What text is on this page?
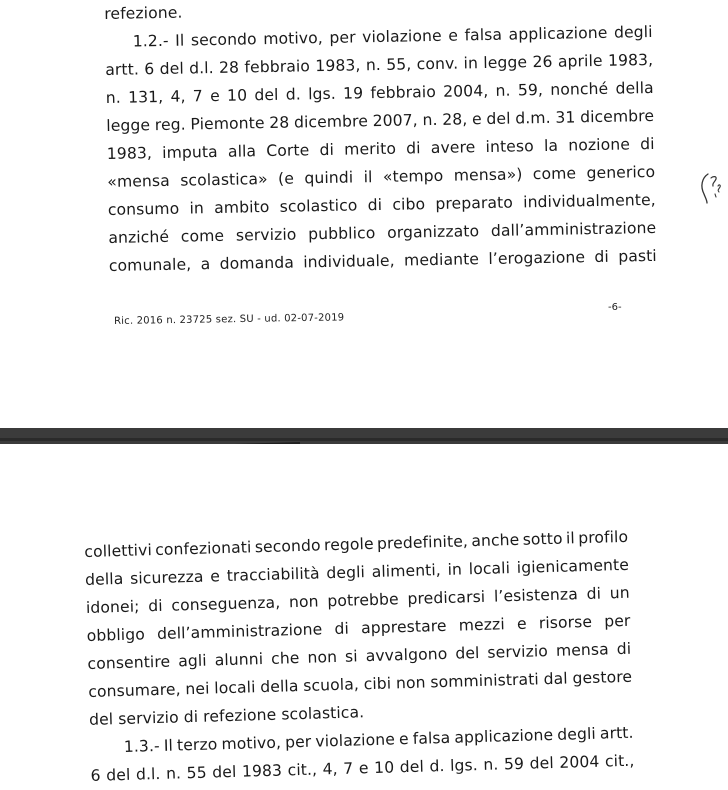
refezione.
1.2.- Il secondo motivo, per violazione e falsa applicazione degli
artt. 6 del d.l. 28 febbraio 1983, n. 55, conv. in legge 26 aprile 1983,
n. 131, 4, 7 e 10 del d. lgs. 19 febbraio 2004, n. 59, nonché della
legge reg. Piemonte 28 dicembre 2007, n. 28, e del d.m. 31 dicembre
1983, imputa alla Corte di merito di avere inteso la nozione di
«mensa scolastica» (e quindi il «tempo mensa») come generico
consumo in ambito scolastico di cibo preparato individualmente,
anziché come servizio pubblico organizzato dall’amministrazione
comunale, a domanda individuale, mediante l’erogazione di pasti
-6-
Ric. 2016 n. 23725 sez. SU - ud. 02-07-2019
collettivi confezionati secondo regole predefinite, anche sotto il profilo
della sicurezza e tracciabilità degli alimenti, in locali igienicamente
idonei; di conseguenza, non potrebbe predicarsi l’esistenza di un
obbligo dell’amministrazione di apprestare mezzi e risorse per
consentire agli alunni che non si avvalgono del servizio mensa di
consumare, nei locali della scuola, cibi non somministrati dal gestore
del servizio di refezione scolastica.
1.3.- Il terzo motivo, per violazione e falsa applicazione degli artt.
6 del d.l. n. 55 del 1983 cit., 4, 7 e 10 del d. lgs. n. 59 del 2004 cit.,
